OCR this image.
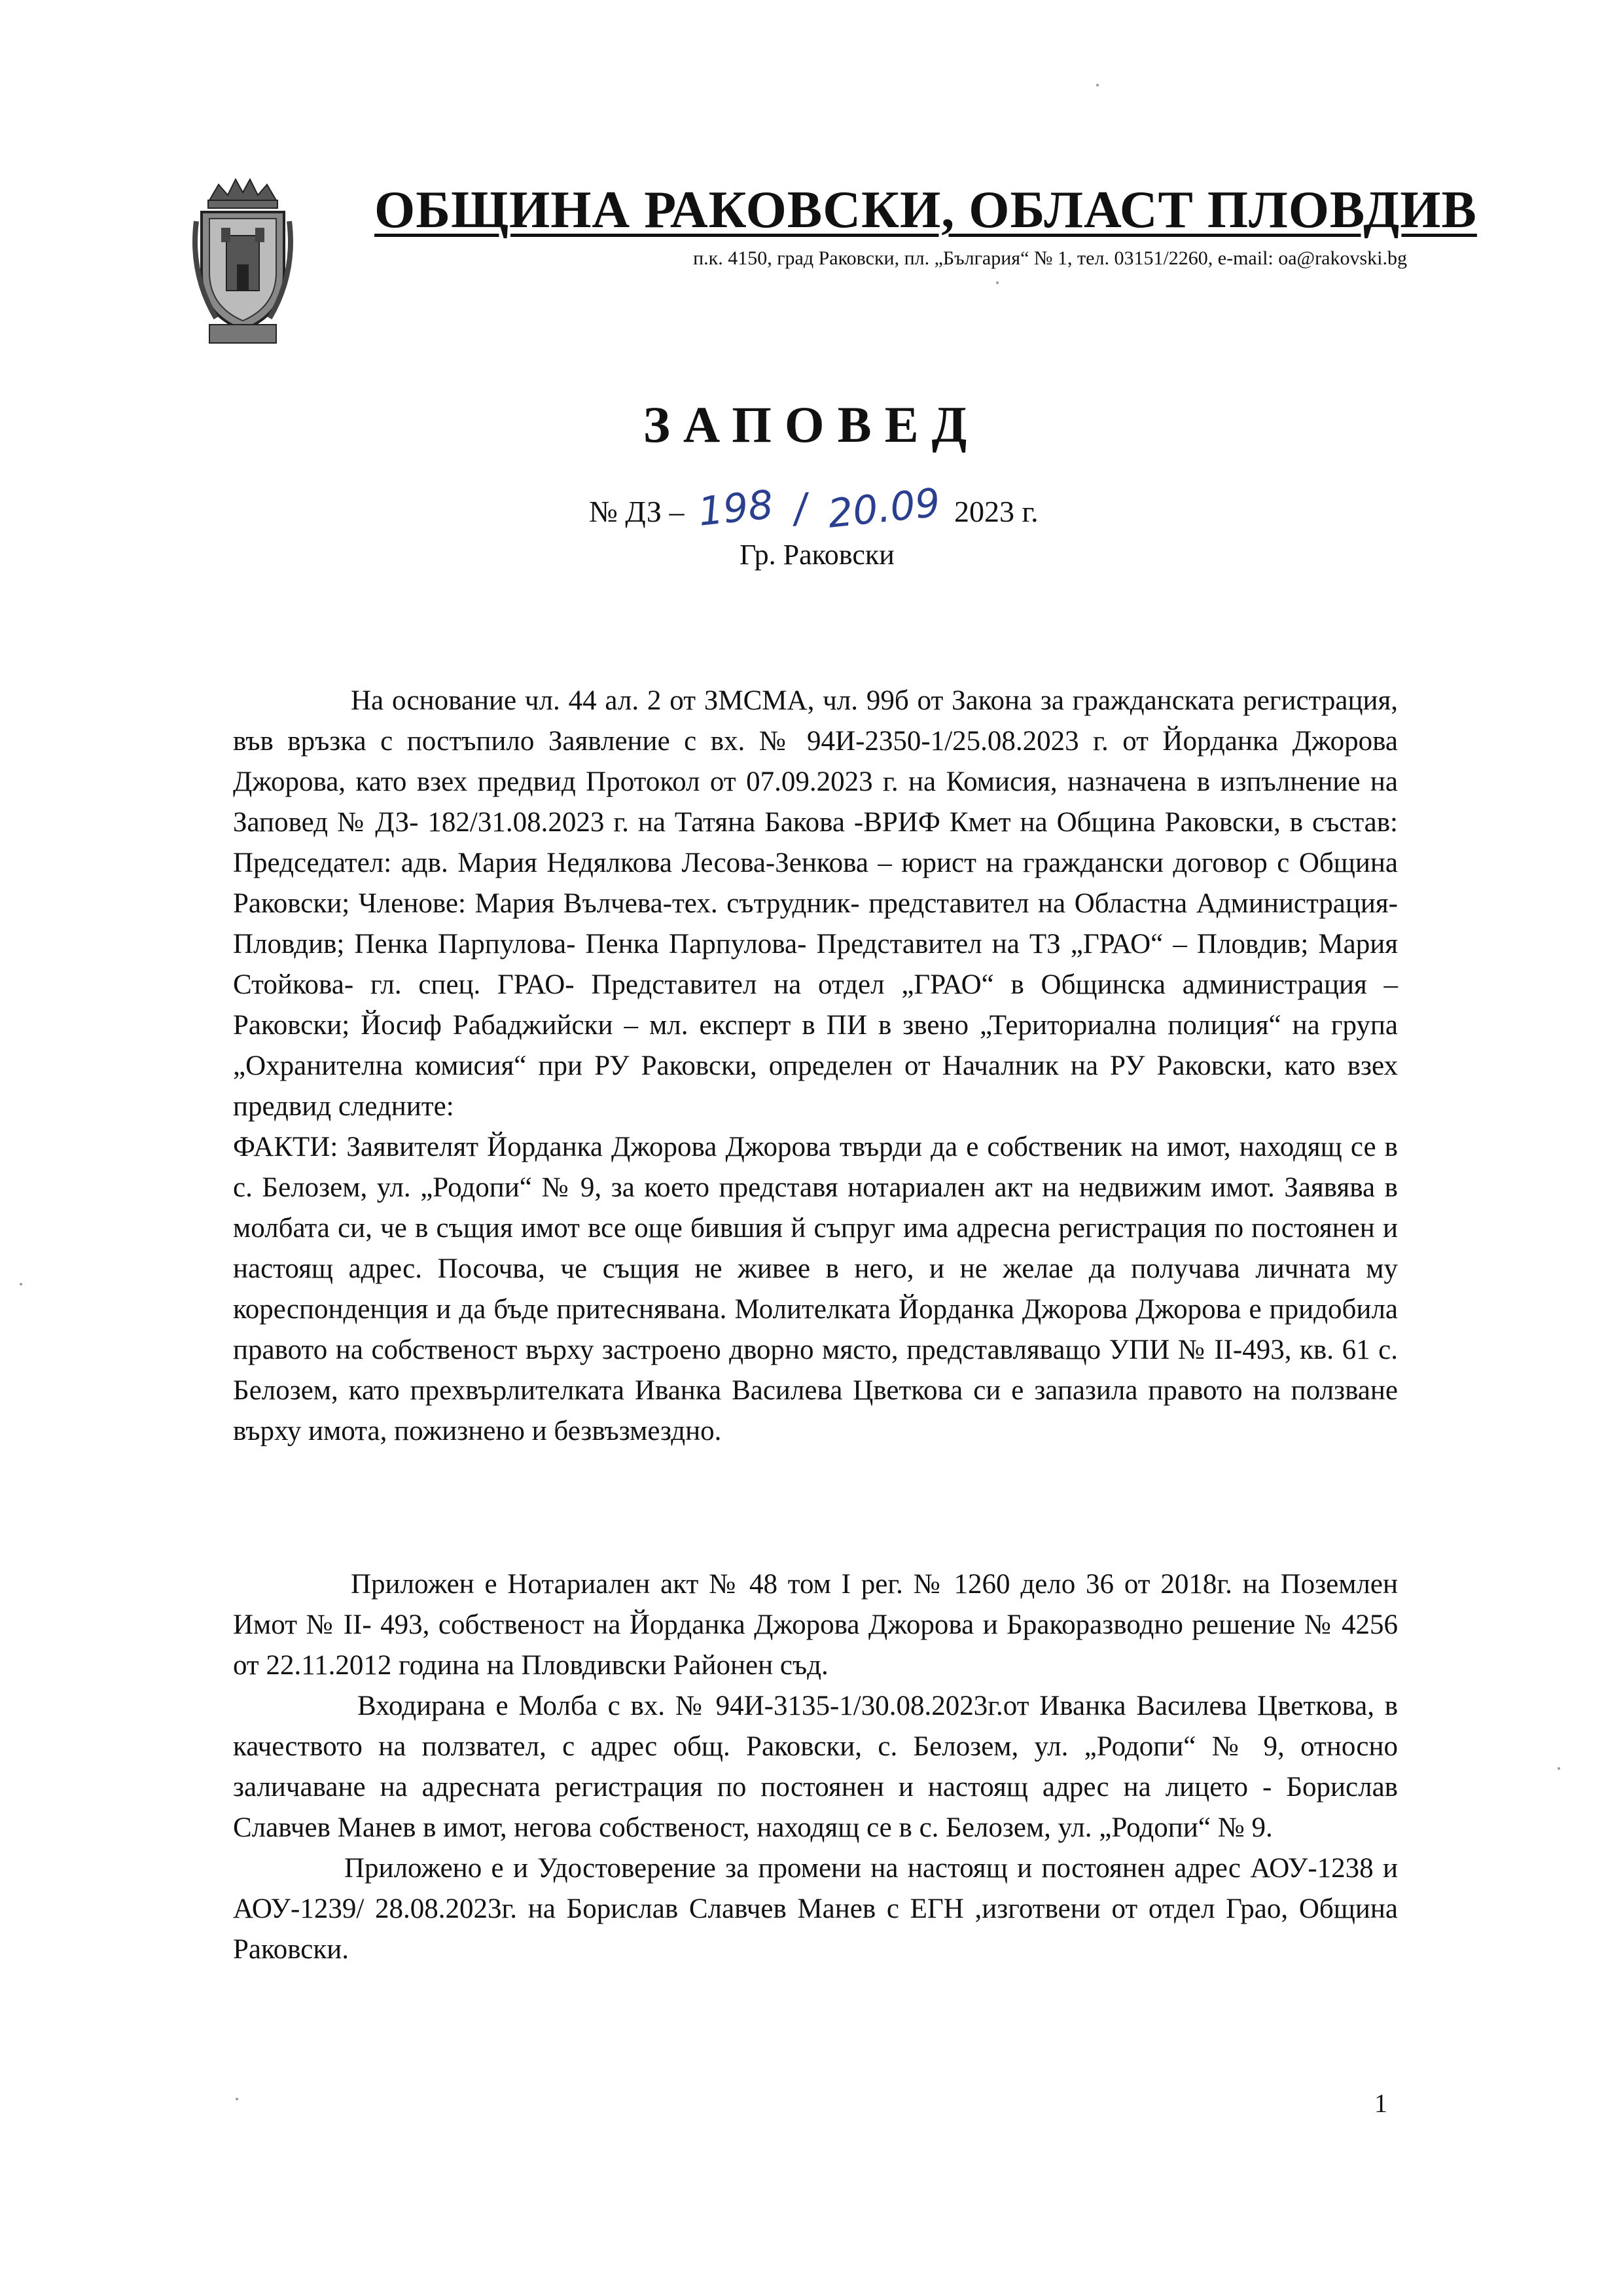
ОБЩИНА РАКОВСКИ, ОБЛАСТ ПЛОВДИВ
п.к. 4150, град Раковски, пл. „България“ № 1, тел. 03151/2260, e-mail: oa@rakovski.bg
ЗАПОВЕД
№ ДЗ – 198 / 20.09 2023 г.
Гр. Раковски

На основание чл. 44 ал. 2 от ЗМСМА, чл. 99б от Закона за гражданската регистрация, във връзка с постъпило Заявление с вх. № 94И-2350-1/25.08.2023 г. от Йорданка Джорова Джорова, като взех предвид Протокол от 07.09.2023 г. на Комисия, назначена в изпълнение на Заповед № ДЗ- 182/31.08.2023 г. на Татяна Бакова -ВРИФ Кмет на Община Раковски, в състав: Председател: адв. Мария Недялкова Лесова-Зенкова – юрист на граждански договор с Община Раковски; Членове: Мария Вълчева-тех. сътрудник- представител на Областна Администрация- Пловдив; Пенка Парпулова- Пенка Парпулова- Представител на ТЗ „ГРАО“ – Пловдив; Мария Стойкова- гл. спец. ГРАО- Представител на отдел „ГРАО“ в Общинска администрация – Раковски; Йосиф Рабаджийски – мл. експерт в ПИ в звено „Териториална полиция“ на група „Охранителна комисия“ при РУ Раковски, определен от Началник на РУ Раковски, като взех предвид следните:

ФАКТИ: Заявителят Йорданка Джорова Джорова твърди да е собственик на имот, находящ се в с. Белозем, ул. „Родопи“ № 9, за което представя нотариален акт на недвижим имот. Заявява в молбата си, че в същия имот все още бившия й съпруг има адресна регистрация по постоянен и настоящ адрес. Посочва, че същия не живее в него, и не желае да получава личната му кореспонденция и да бъде притеснявана. Молителката Йорданка Джорова Джорова е придобила правото на собственост върху застроено дворно място, представляващо УПИ № II-493, кв. 61 с. Белозем, като прехвърлителката Иванка Василева Цветкова си е запазила правото на ползване върху имота, пожизнено и безвъзмездно.

Приложен е Нотариален акт № 48 том I рег. № 1260 дело 36 от 2018г. на Поземлен Имот № II- 493, собственост на Йорданка Джорова Джорова и Бракоразводно решение № 4256 от 22.11.2012 година на Пловдивски Районен съд.

Входирана е Молба с вх. № 94И-3135-1/30.08.2023г.от Иванка Василева Цветкова, в качеството на ползвател, с адрес общ. Раковски, с. Белозем, ул. „Родопи“ № 9, относно заличаване на адресната регистрация по постоянен и настоящ адрес на лицето - Борислав Славчев Манев в имот, негова собственост, находящ се в с. Белозем, ул. „Родопи“ № 9.

Приложено е и Удостоверение за промени на настоящ и постоянен адрес АОУ-1238 и АОУ-1239/ 28.08.2023г. на Борислав Славчев Манев с ЕГН ,изготвени от отдел Грао, Община Раковски.

1
